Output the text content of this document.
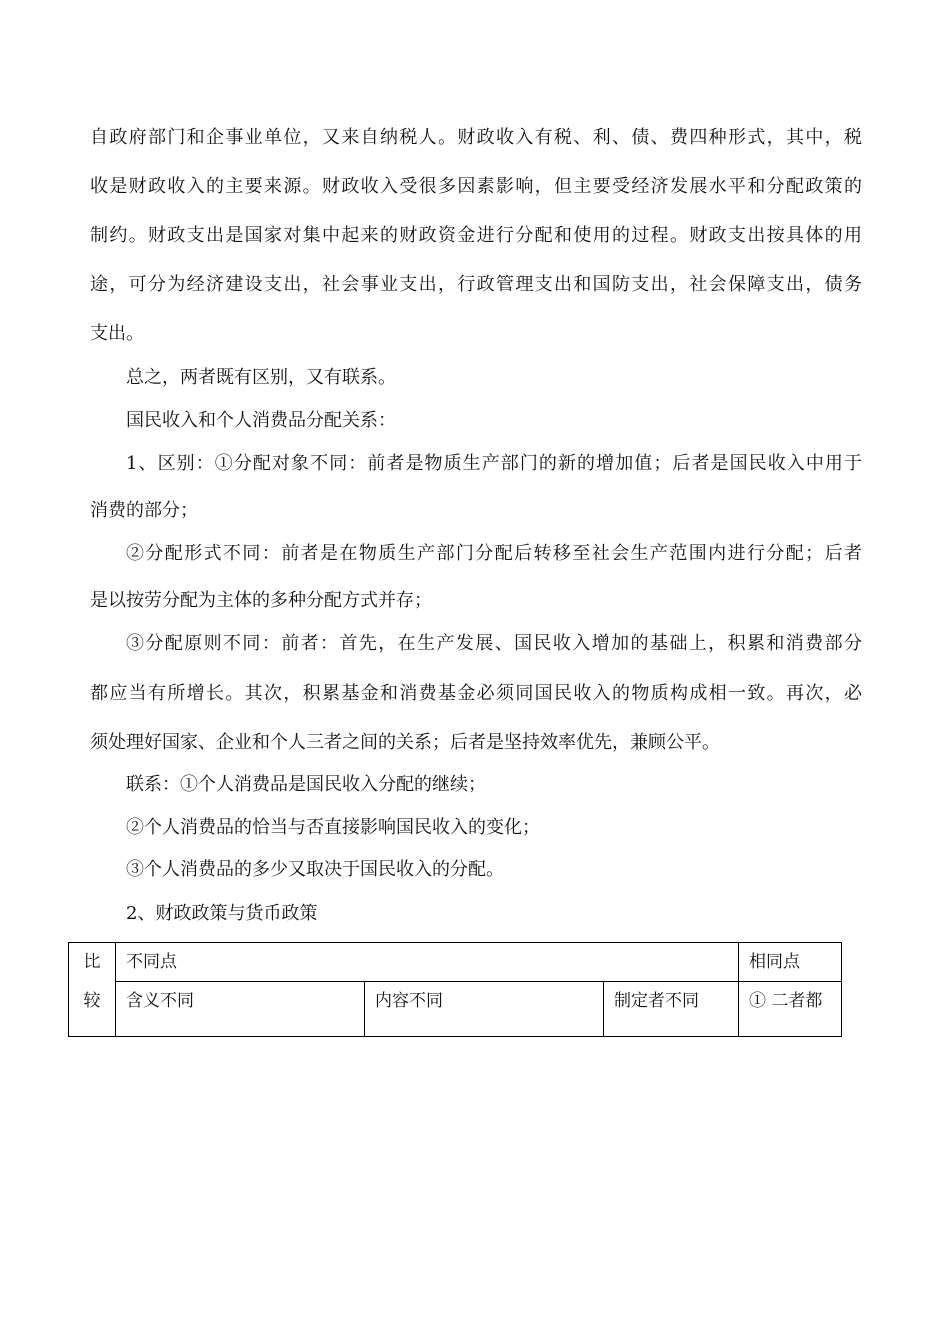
自政府部门和企事业单位，又来自纳税人。财政收入有税、利、债、费四种形式，其中，税
收是财政收入的主要来源。财政收入受很多因素影响，但主要受经济发展水平和分配政策的
制约。财政支出是国家对集中起来的财政资金进行分配和使用的过程。财政支出按具体的用
途，可分为经济建设支出，社会事业支出，行政管理支出和国防支出，社会保障支出，债务
支出。
总之，两者既有区别，又有联系。
国民收入和个人消费品分配关系：
1、区别：①分配对象不同：前者是物质生产部门的新的增加值；后者是国民收入中用于
消费的部分；
②分配形式不同：前者是在物质生产部门分配后转移至社会生产范围内进行分配；后者
是以按劳分配为主体的多种分配方式并存；
③分配原则不同：前者：首先，在生产发展、国民收入增加的基础上，积累和消费部分
都应当有所增长。其次，积累基金和消费基金必须同国民收入的物质构成相一致。再次，必
须处理好国家、企业和个人三者之间的关系；后者是坚持效率优先，兼顾公平。
联系：①个人消费品是国民收入分配的继续；
②个人消费品的恰当与否直接影响国民收入的变化；
③个人消费品的多少又取决于国民收入的分配。
2、财政政策与货币政策
比	不同点			相同点
较	含义不同	内容不同	制定者不同	① 二者都
